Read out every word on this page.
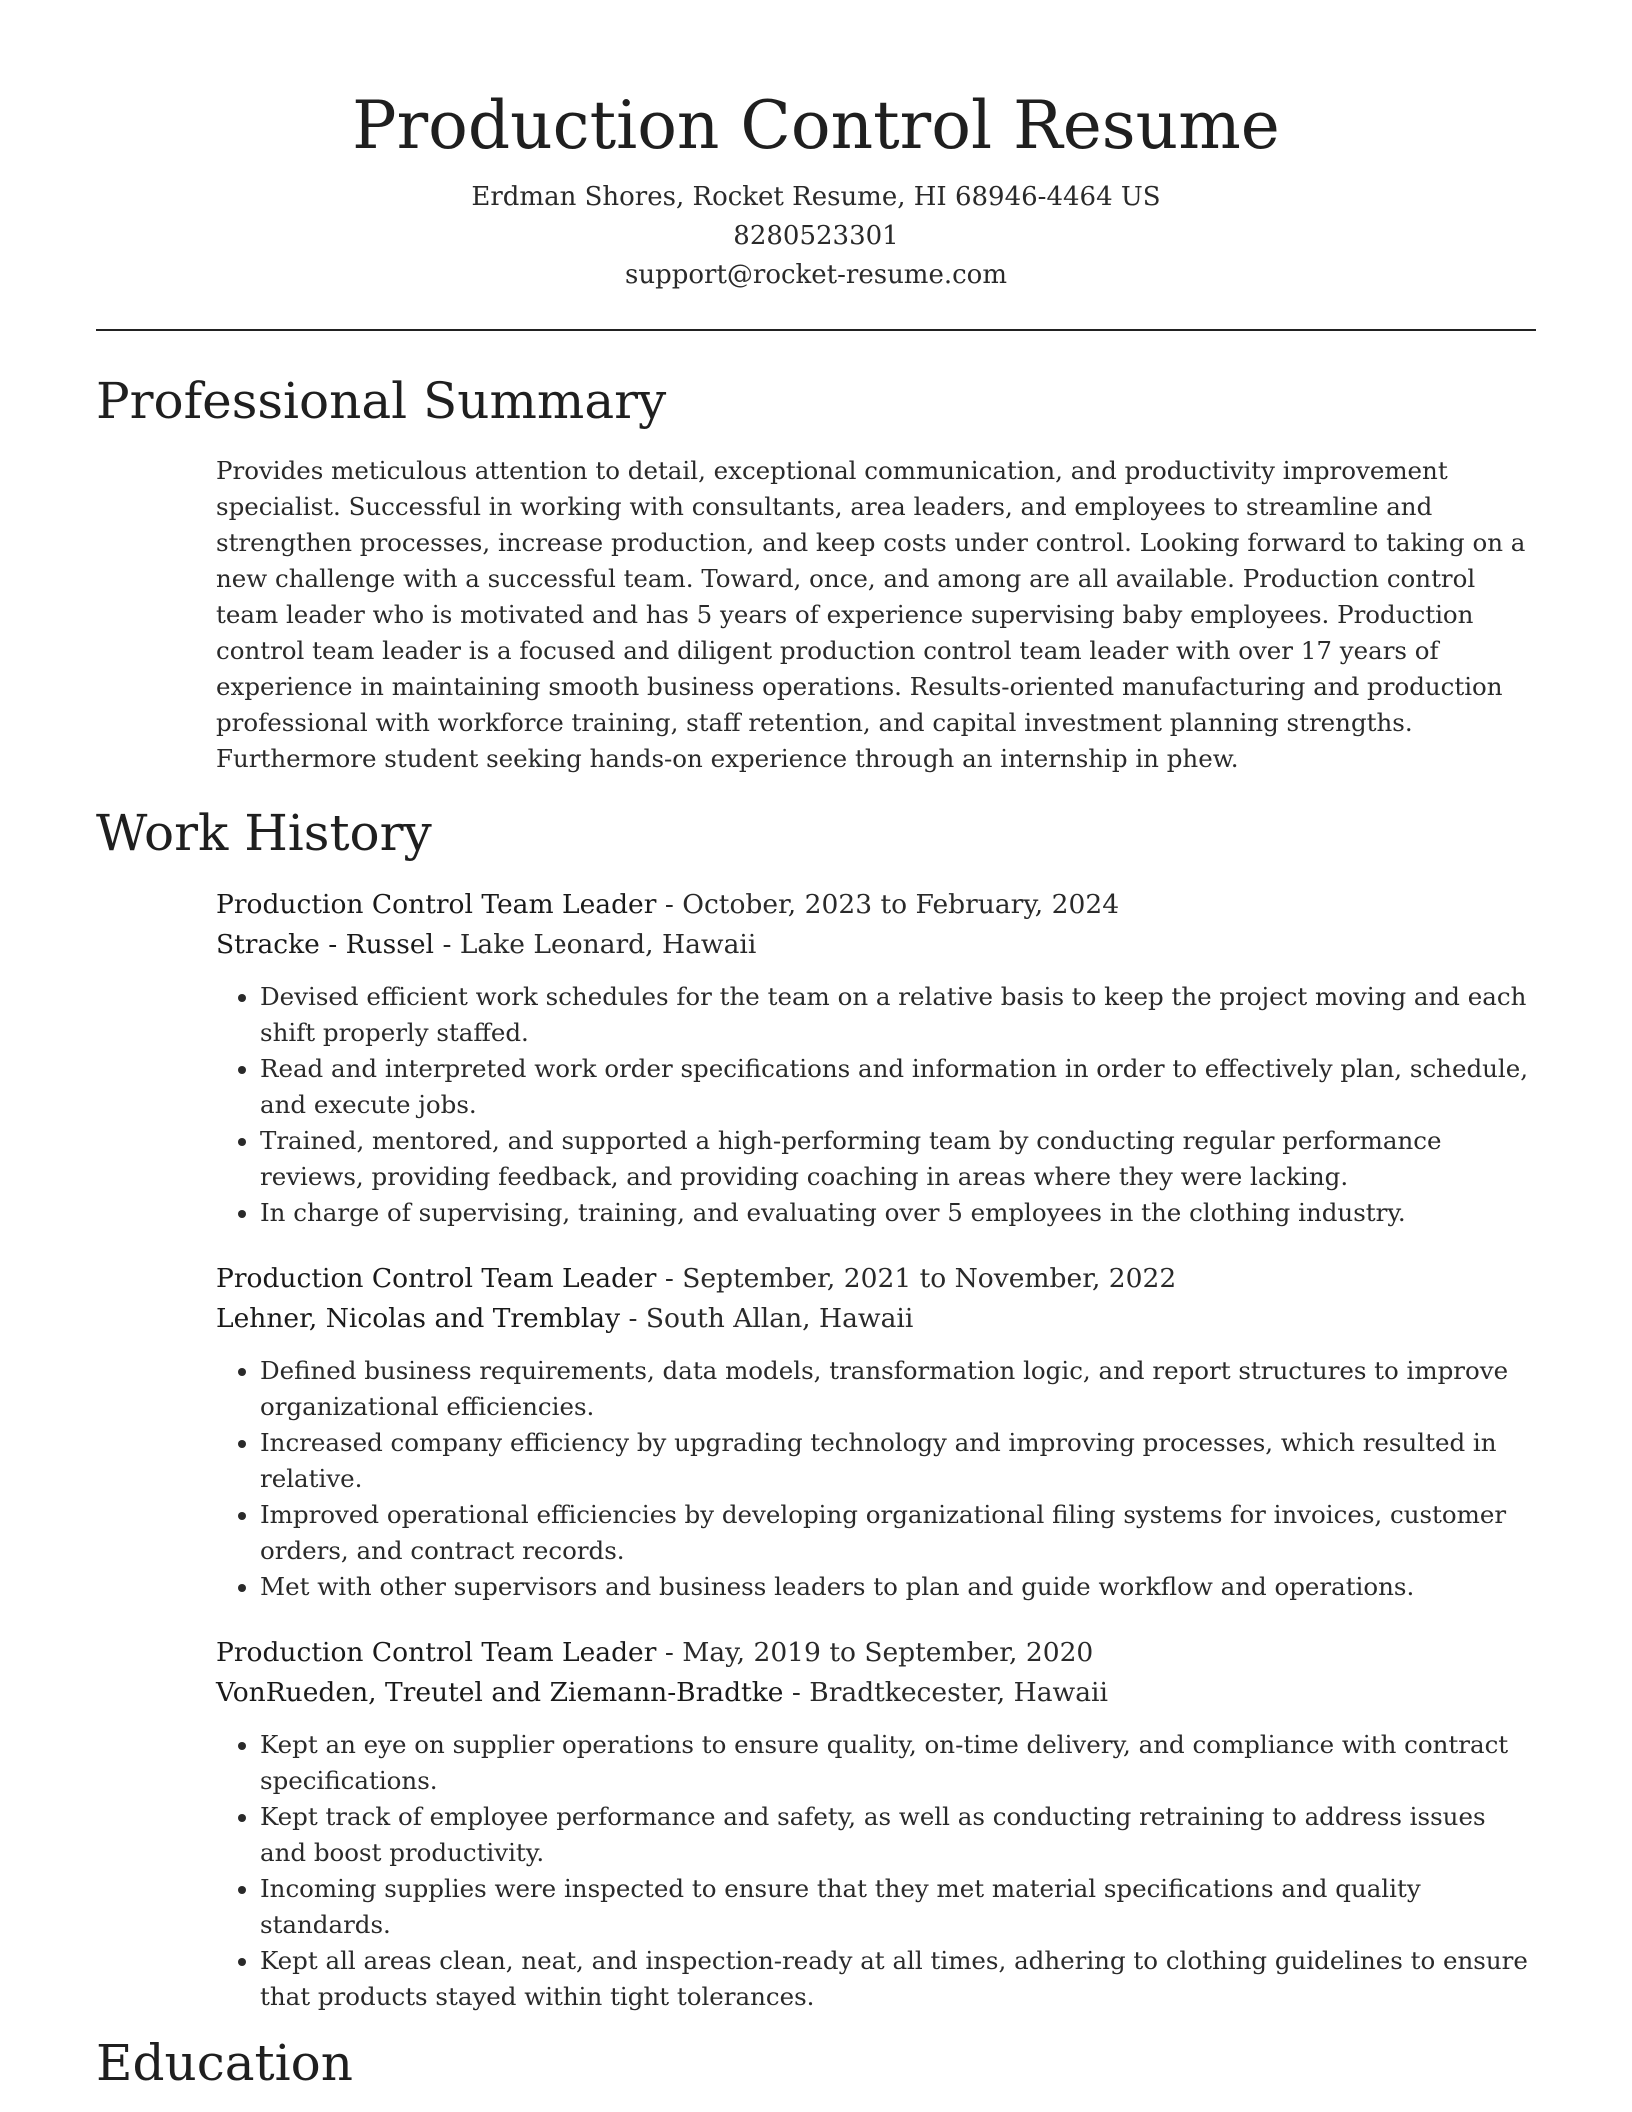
Production Control Resume
Erdman Shores, Rocket Resume, HI 68946-4464 US
8280523301
support@rocket-resume.com
Professional Summary
Provides meticulous attention to detail, exceptional communication, and productivity improvement specialist. Successful in working with consultants, area leaders, and employees to streamline and strengthen processes, increase production, and keep costs under control. Looking forward to taking on a new challenge with a successful team. Toward, once, and among are all available. Production control team leader who is motivated and has 5 years of experience supervising baby employees. Production control team leader is a focused and diligent production control team leader with over 17 years of experience in maintaining smooth business operations. Results-oriented manufacturing and production professional with workforce training, staff retention, and capital investment planning strengths. Furthermore student seeking hands-on experience through an internship in phew.
Work History
Production Control Team Leader - October, 2023 to February, 2024
Stracke - Russel - Lake Leonard, Hawaii
• Devised efficient work schedules for the team on a relative basis to keep the project moving and each shift properly staffed.
• Read and interpreted work order specifications and information in order to effectively plan, schedule, and execute jobs.
• Trained, mentored, and supported a high-performing team by conducting regular performance reviews, providing feedback, and providing coaching in areas where they were lacking.
• In charge of supervising, training, and evaluating over 5 employees in the clothing industry.
Production Control Team Leader - September, 2021 to November, 2022
Lehner, Nicolas and Tremblay - South Allan, Hawaii
• Defined business requirements, data models, transformation logic, and report structures to improve organizational efficiencies.
• Increased company efficiency by upgrading technology and improving processes, which resulted in relative.
• Improved operational efficiencies by developing organizational filing systems for invoices, customer orders, and contract records.
• Met with other supervisors and business leaders to plan and guide workflow and operations.
Production Control Team Leader - May, 2019 to September, 2020
VonRueden, Treutel and Ziemann-Bradtke - Bradtkecester, Hawaii
• Kept an eye on supplier operations to ensure quality, on-time delivery, and compliance with contract specifications.
• Kept track of employee performance and safety, as well as conducting retraining to address issues and boost productivity.
• Incoming supplies were inspected to ensure that they met material specifications and quality standards.
• Kept all areas clean, neat, and inspection-ready at all times, adhering to clothing guidelines to ensure that products stayed within tight tolerances.
Education
